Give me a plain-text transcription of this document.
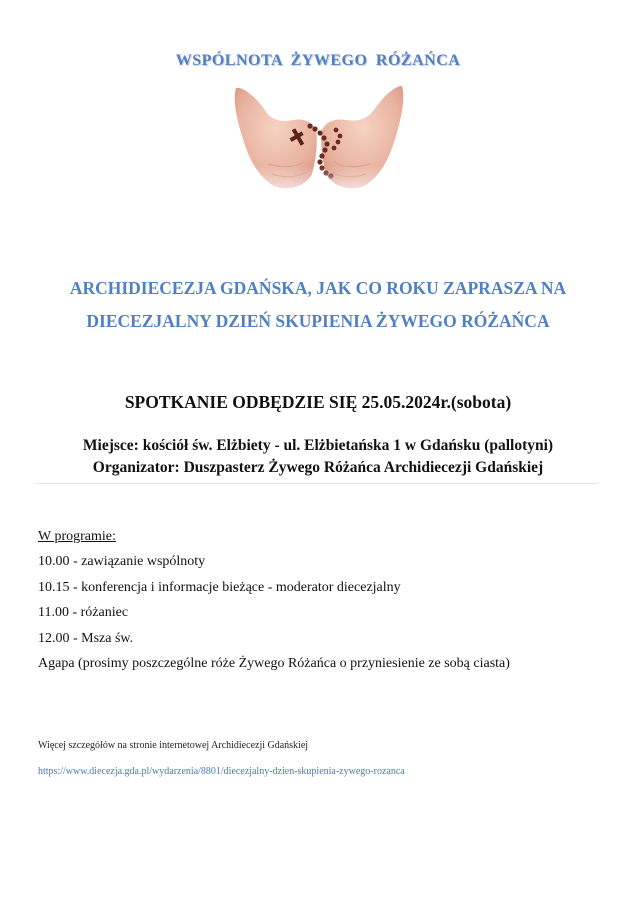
WSPÓLNOTA ŻYWEGO RÓŻAŃCA
ARCHIDIECEZJA GDAŃSKA, JAK CO ROKU ZAPRASZA NA
DIECEZJALNY DZIEŃ SKUPIENIA ŻYWEGO RÓŻAŃCA
SPOTKANIE ODBĘDZIE SIĘ 25.05.2024r.(sobota)
Miejsce: kościół św. Elżbiety - ul. Elżbietańska 1 w Gdańsku (pallotyni)
Organizator: Duszpasterz Żywego Różańca Archidiecezji Gdańskiej
W programie:
10.00 - zawiązanie wspólnoty
10.15 - konferencja i informacje bieżące - moderator diecezjalny
11.00 - różaniec
12.00 - Msza św.
Agapa (prosimy poszczególne róże Żywego Różańca o przyniesienie ze sobą ciasta)
Więcej szczegółów na stronie internetowej Archidiecezji Gdańskiej
https://www.diecezja.gda.pl/wydarzenia/8801/diecezjalny-dzien-skupienia-zywego-rozanca
